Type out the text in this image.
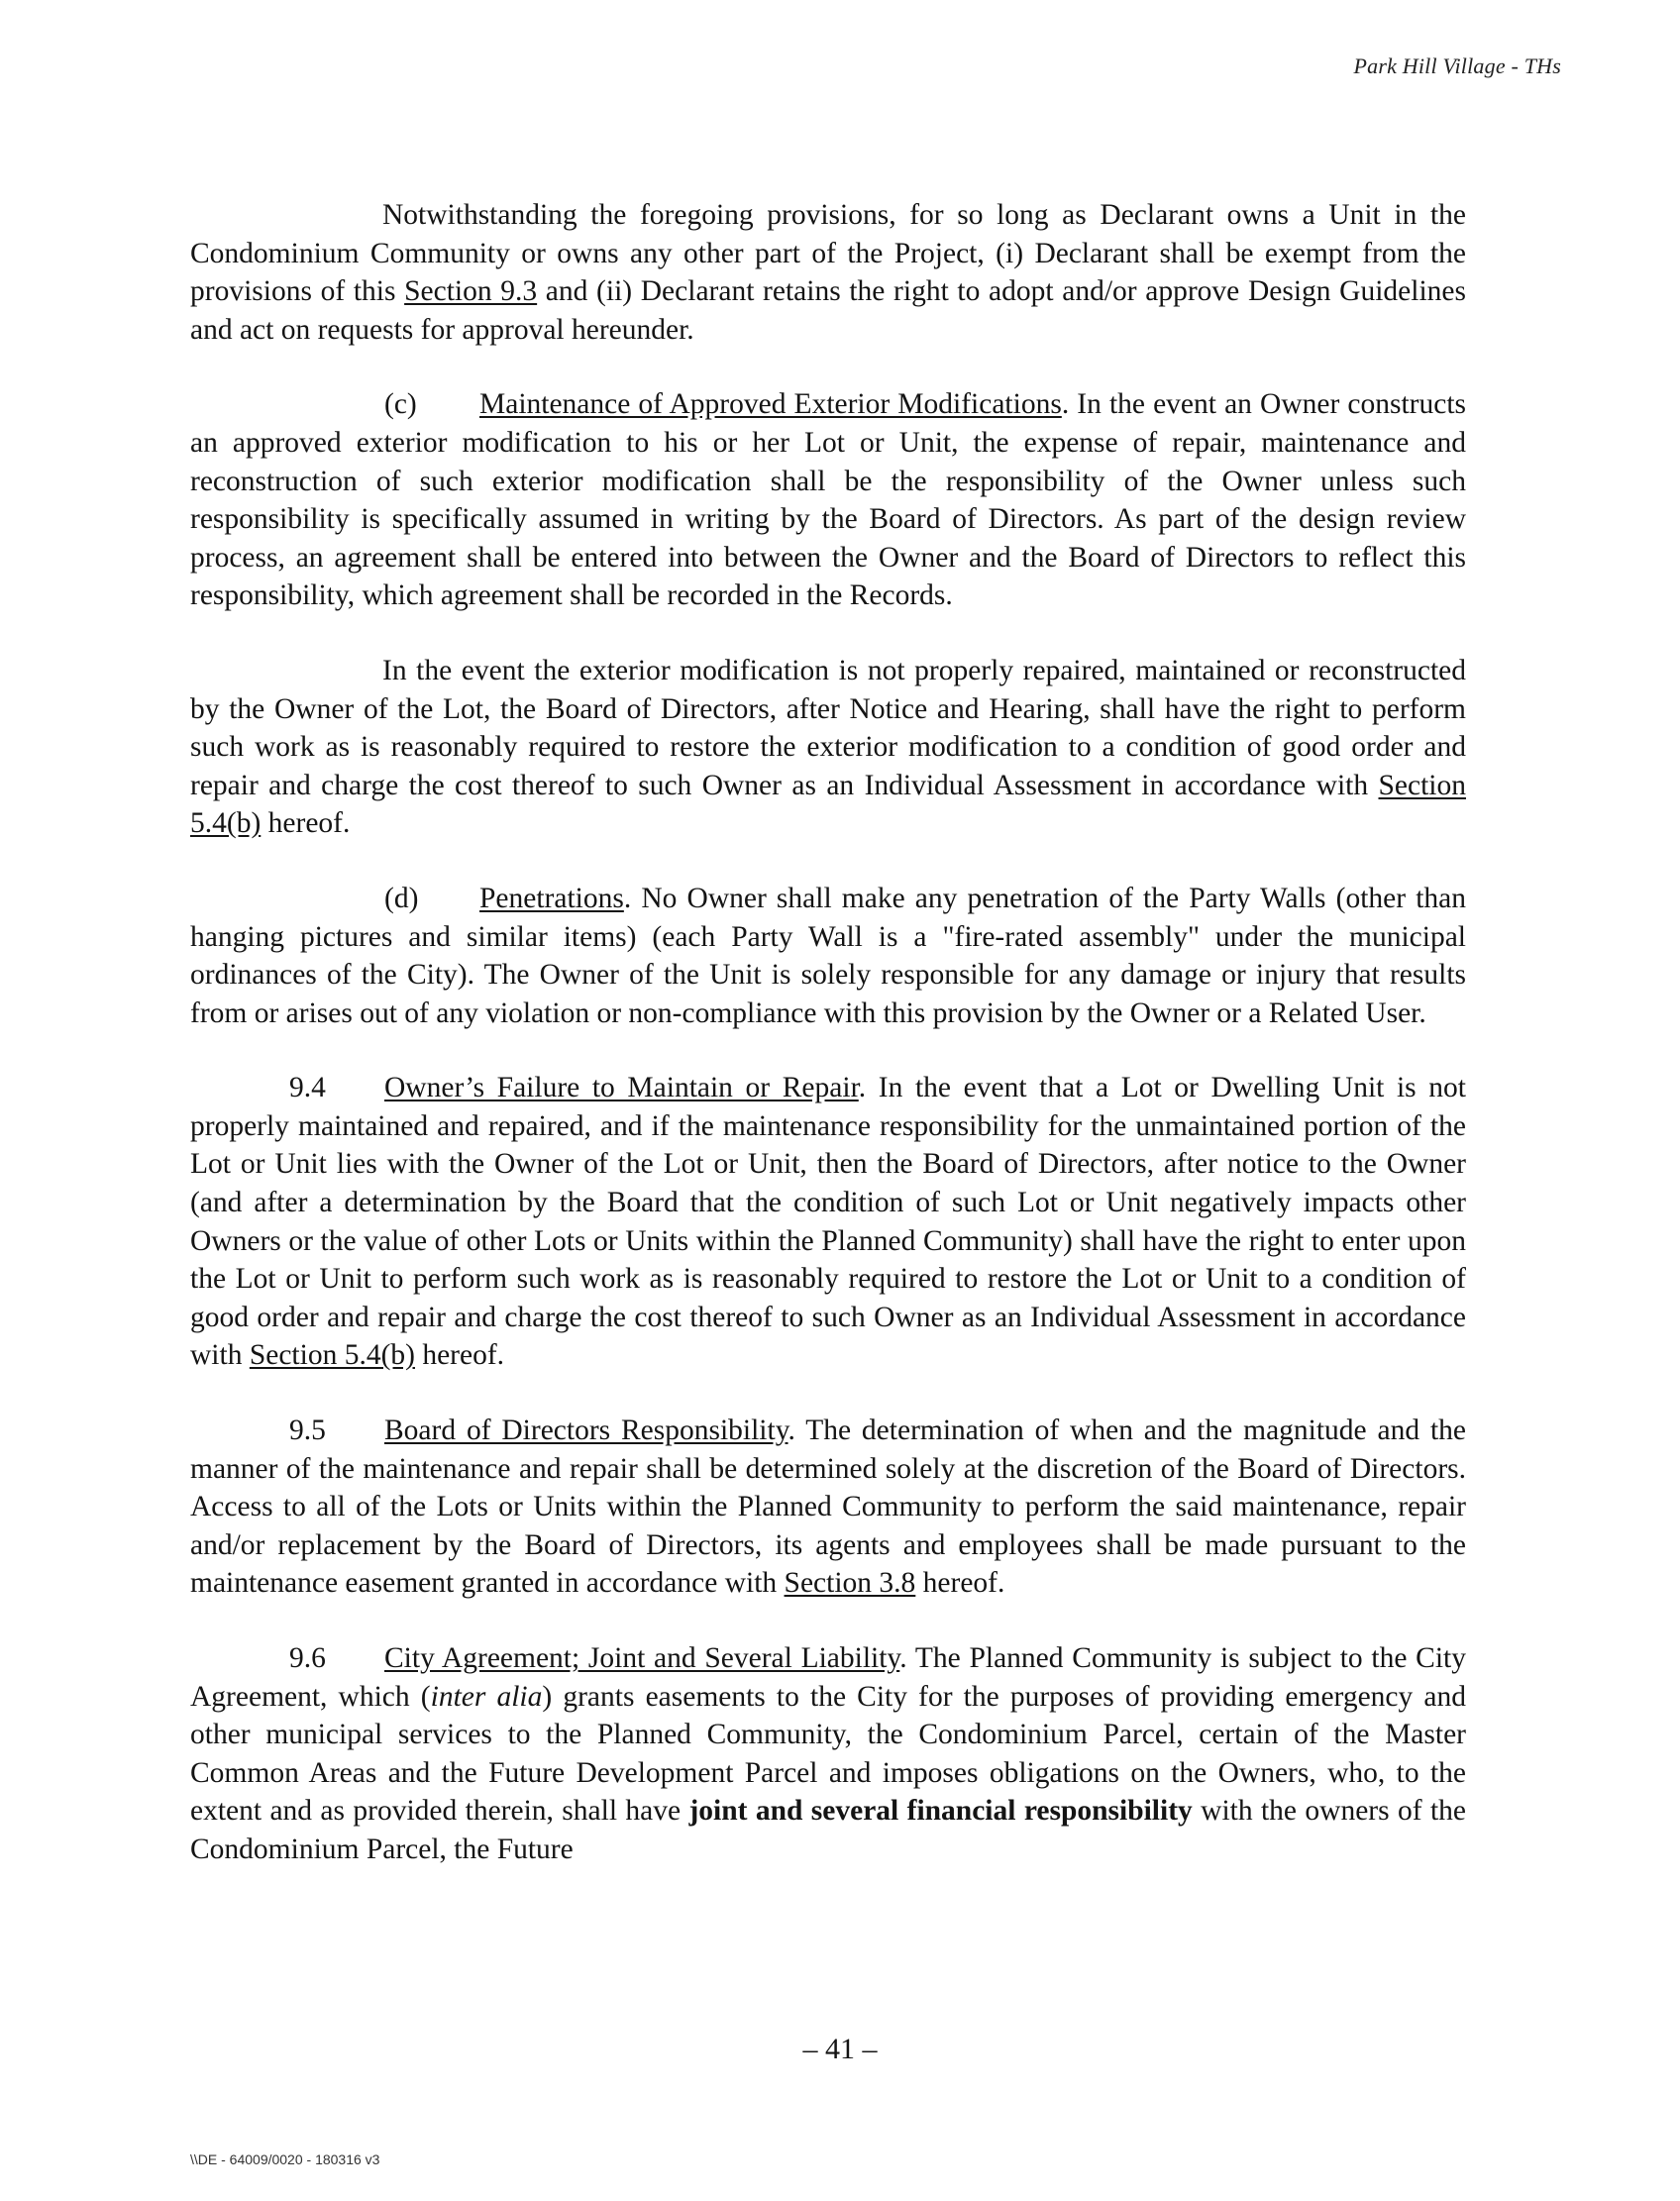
Park Hill Village - THs

Notwithstanding the foregoing provisions, for so long as Declarant owns a Unit in the Condominium Community or owns any other part of the Project, (i) Declarant shall be exempt from the provisions of this Section 9.3 and (ii) Declarant retains the right to adopt and/or approve Design Guidelines and act on requests for approval hereunder.

(c) Maintenance of Approved Exterior Modifications. In the event an Owner constructs an approved exterior modification to his or her Lot or Unit, the expense of repair, maintenance and reconstruction of such exterior modification shall be the responsibility of the Owner unless such responsibility is specifically assumed in writing by the Board of Directors. As part of the design review process, an agreement shall be entered into between the Owner and the Board of Directors to reflect this responsibility, which agreement shall be recorded in the Records.

In the event the exterior modification is not properly repaired, maintained or reconstructed by the Owner of the Lot, the Board of Directors, after Notice and Hearing, shall have the right to perform such work as is reasonably required to restore the exterior modification to a condition of good order and repair and charge the cost thereof to such Owner as an Individual Assessment in accordance with Section 5.4(b) hereof.

(d) Penetrations. No Owner shall make any penetration of the Party Walls (other than hanging pictures and similar items) (each Party Wall is a "fire-rated assembly" under the municipal ordinances of the City). The Owner of the Unit is solely responsible for any damage or injury that results from or arises out of any violation or non-compliance with this provision by the Owner or a Related User.

9.4 Owner’s Failure to Maintain or Repair. In the event that a Lot or Dwelling Unit is not properly maintained and repaired, and if the maintenance responsibility for the unmaintained portion of the Lot or Unit lies with the Owner of the Lot or Unit, then the Board of Directors, after notice to the Owner (and after a determination by the Board that the condition of such Lot or Unit negatively impacts other Owners or the value of other Lots or Units within the Planned Community) shall have the right to enter upon the Lot or Unit to perform such work as is reasonably required to restore the Lot or Unit to a condition of good order and repair and charge the cost thereof to such Owner as an Individual Assessment in accordance with Section 5.4(b) hereof.

9.5 Board of Directors Responsibility. The determination of when and the magnitude and the manner of the maintenance and repair shall be determined solely at the discretion of the Board of Directors. Access to all of the Lots or Units within the Planned Community to perform the said maintenance, repair and/or replacement by the Board of Directors, its agents and employees shall be made pursuant to the maintenance easement granted in accordance with Section 3.8 hereof.

9.6 City Agreement; Joint and Several Liability. The Planned Community is subject to the City Agreement, which (inter alia) grants easements to the City for the purposes of providing emergency and other municipal services to the Planned Community, the Condominium Parcel, certain of the Master Common Areas and the Future Development Parcel and imposes obligations on the Owners, who, to the extent and as provided therein, shall have joint and several financial responsibility with the owners of the Condominium Parcel, the Future

– 41 –
\\DE - 64009/0020 - 180316 v3
